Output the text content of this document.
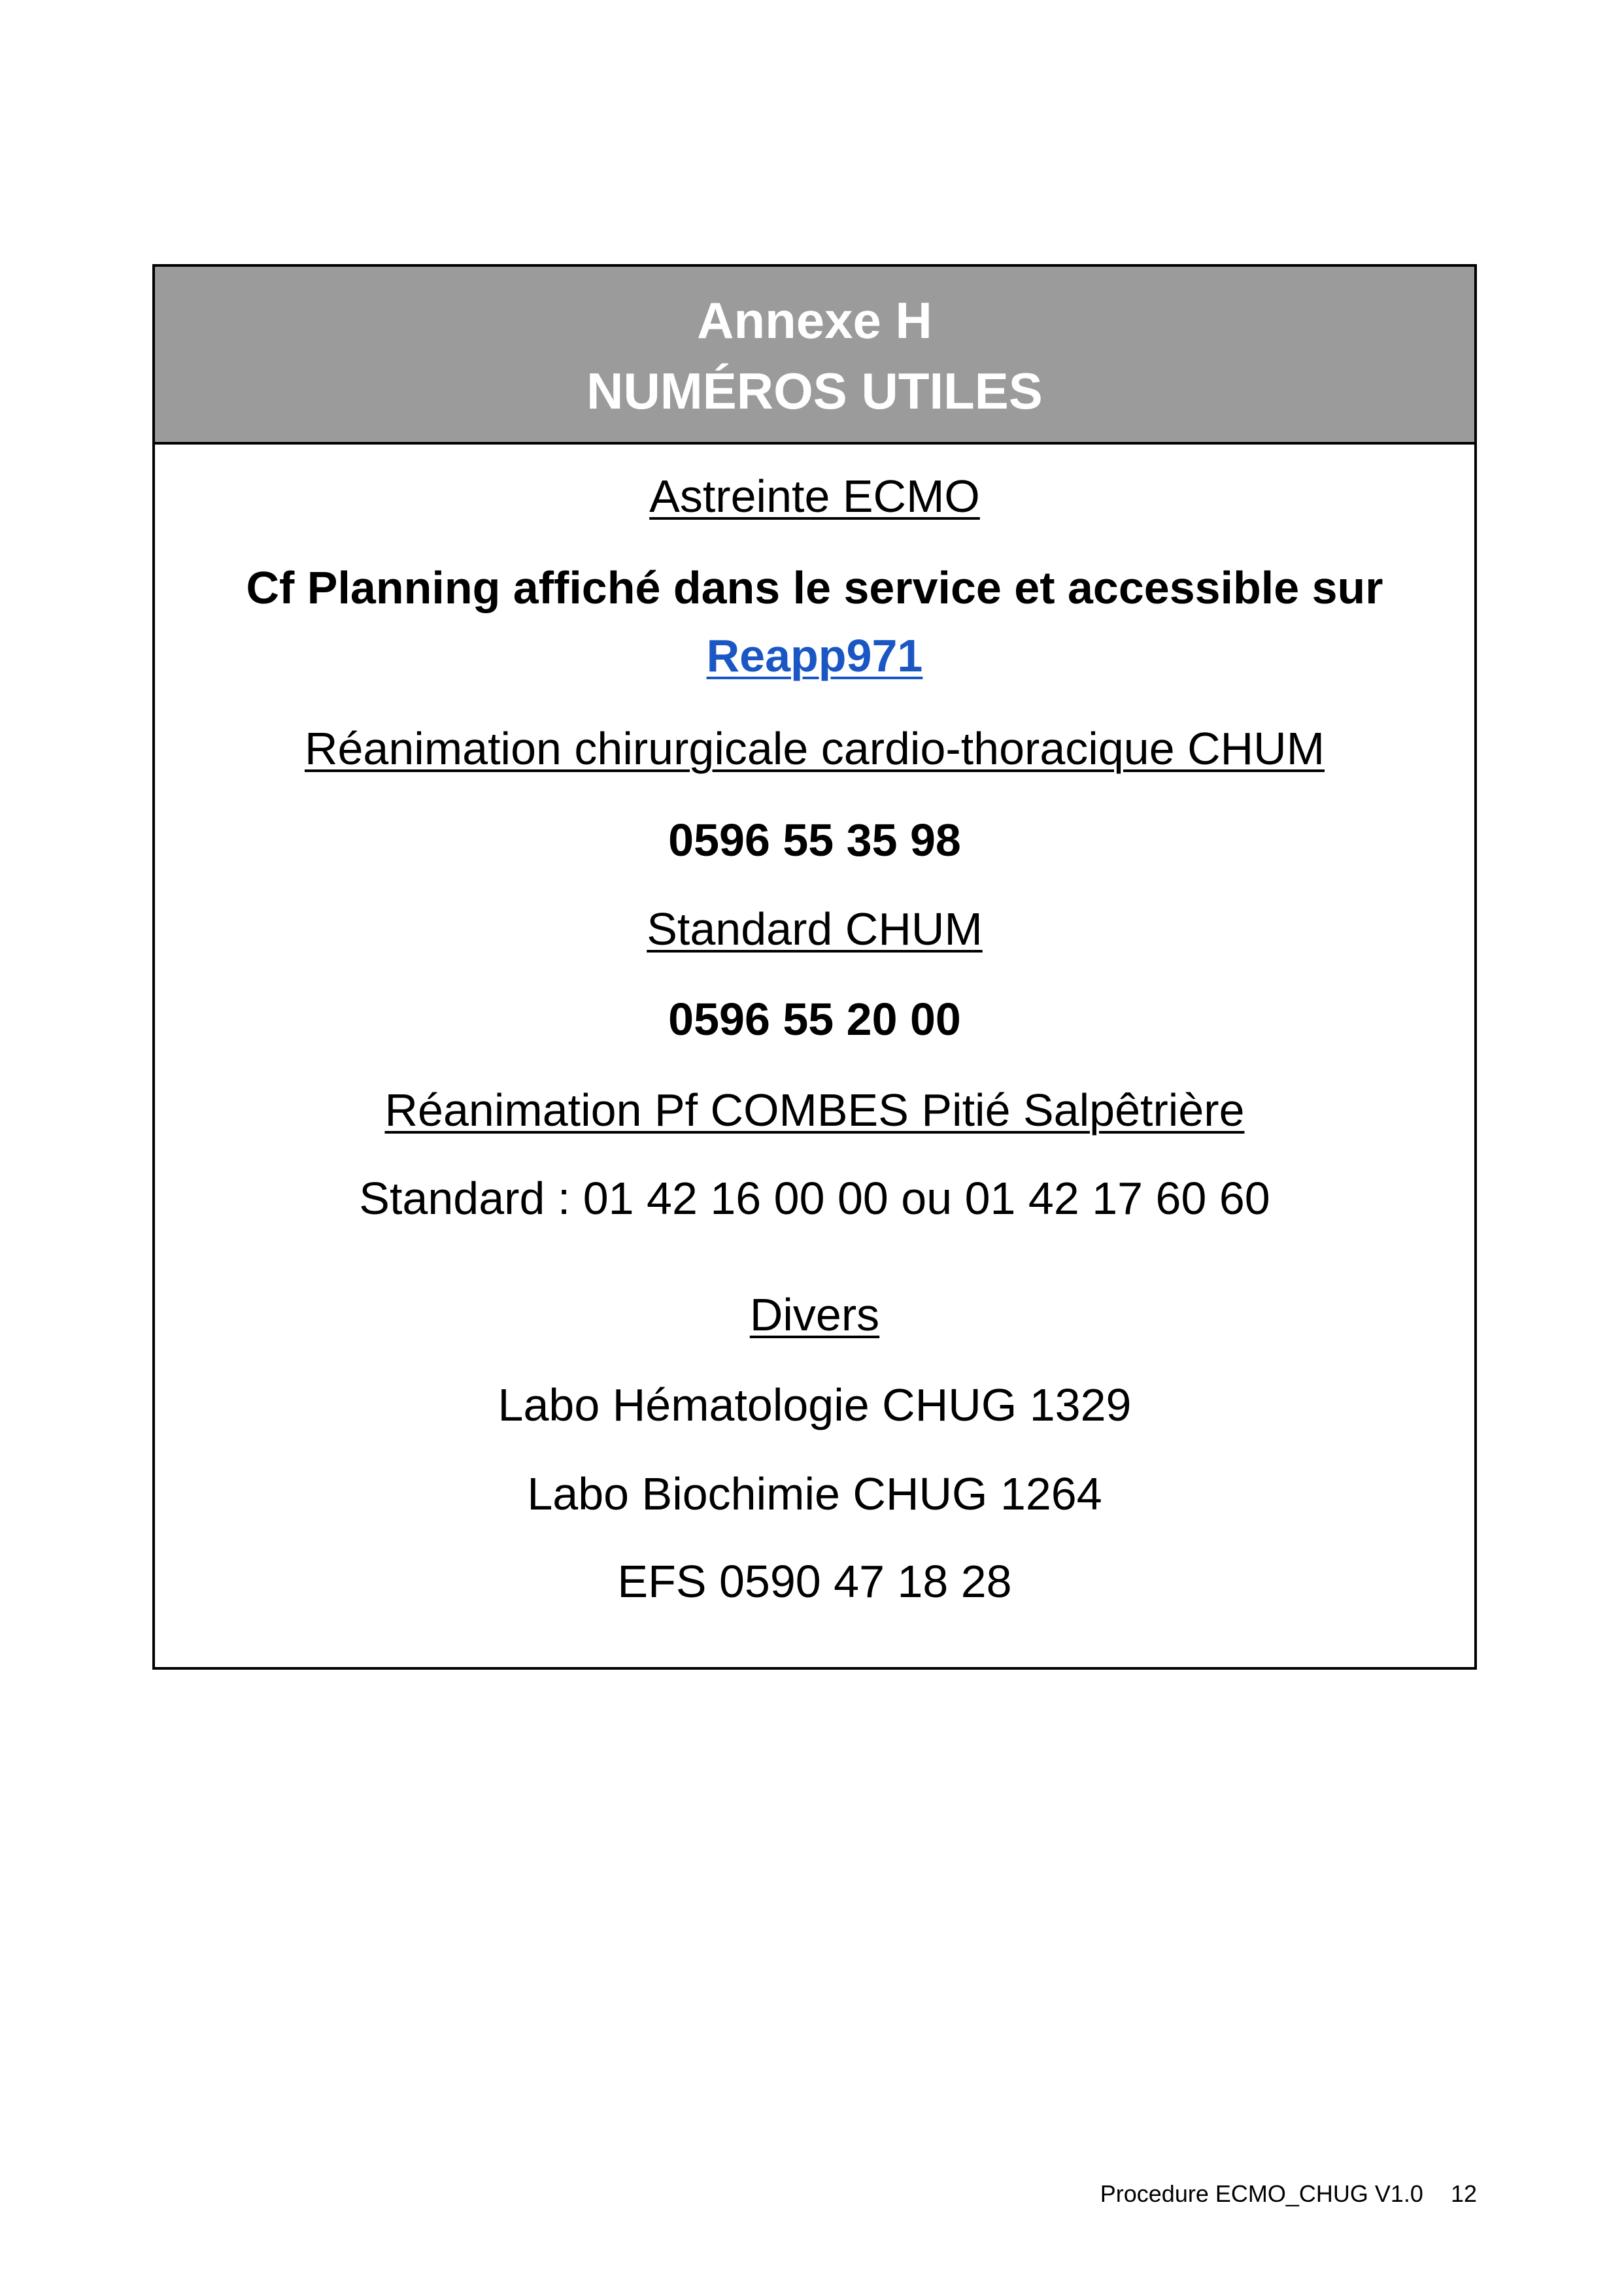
Annexe H
NUMÉROS UTILES
Astreinte ECMO
Cf Planning affiché dans le service et accessible sur
Reapp971
Réanimation chirurgicale cardio-thoracique CHUM
0596 55 35 98
Standard CHUM
0596 55 20 00
Réanimation Pf COMBES Pitié Salpêtrière
Standard : 01 42 16 00 00 ou 01 42 17 60 60
Divers
Labo Hématologie CHUG 1329
Labo Biochimie CHUG 1264
EFS 0590 47 18 28
Procedure ECMO_CHUG V1.0 12
